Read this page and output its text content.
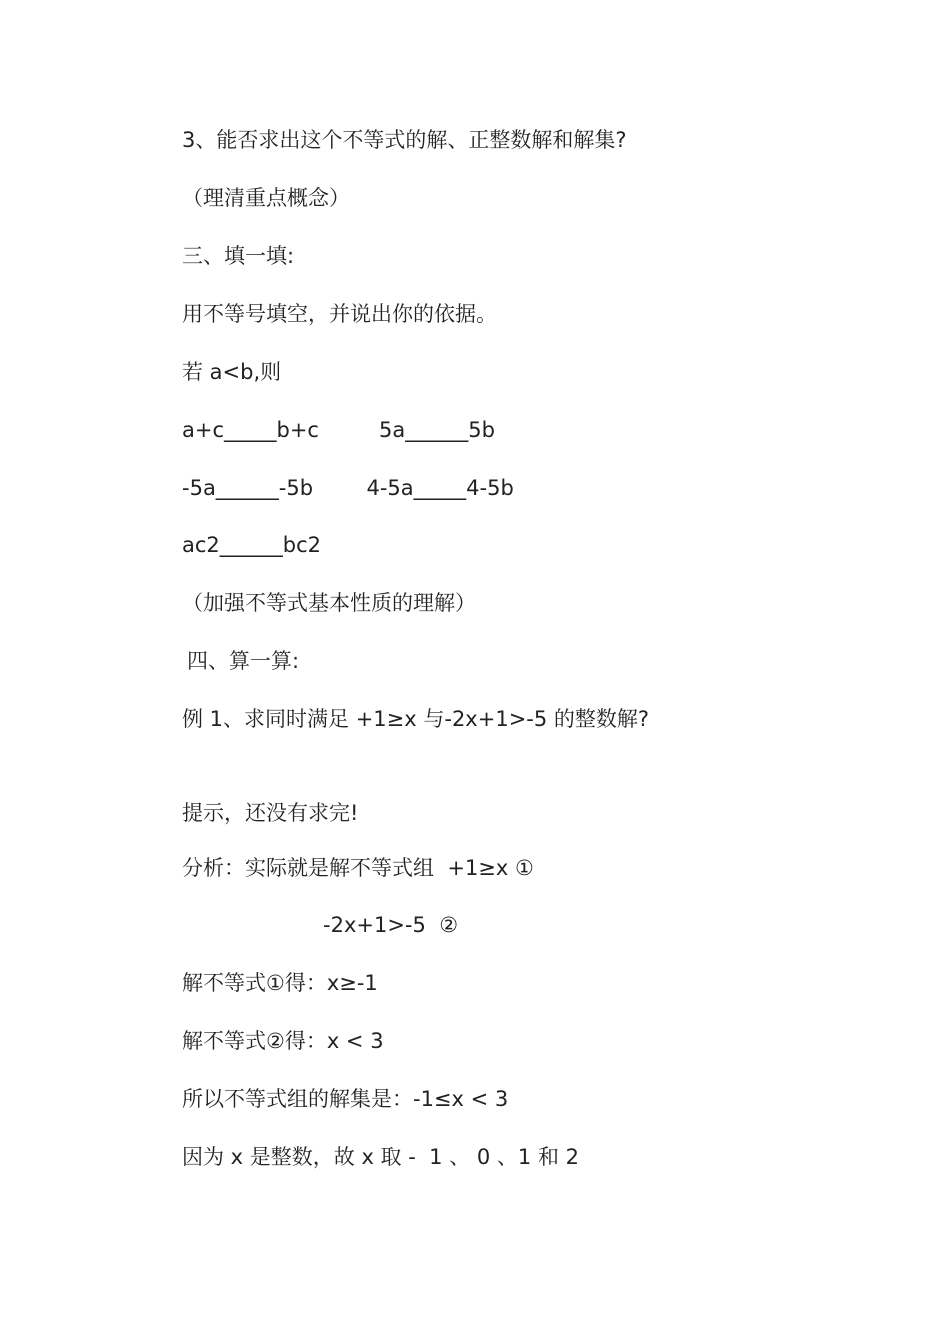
3、能否求出这个不等式的解、正整数解和解集?
（理清重点概念）
三、填一填:
用不等号填空，并说出你的依据。
若 a<b,则
a+c_____b+c         5a______5b
-5a______-5b        4-5a_____4-5b
ac2______bc2
（加强不等式基本性质的理解）
四、算一算:
例 1、求同时满足 +1≥x 与-2x+1>-5 的整数解?
提示，还没有求完!
分析：实际就是解不等式组  +1≥x ①
-2x+1>-5  ②
解不等式①得：x≥-1
解不等式②得：x < 3
所以不等式组的解集是：-1≤x < 3
因为 x 是整数，故 x 取 -  1 、 0 、1 和 2
